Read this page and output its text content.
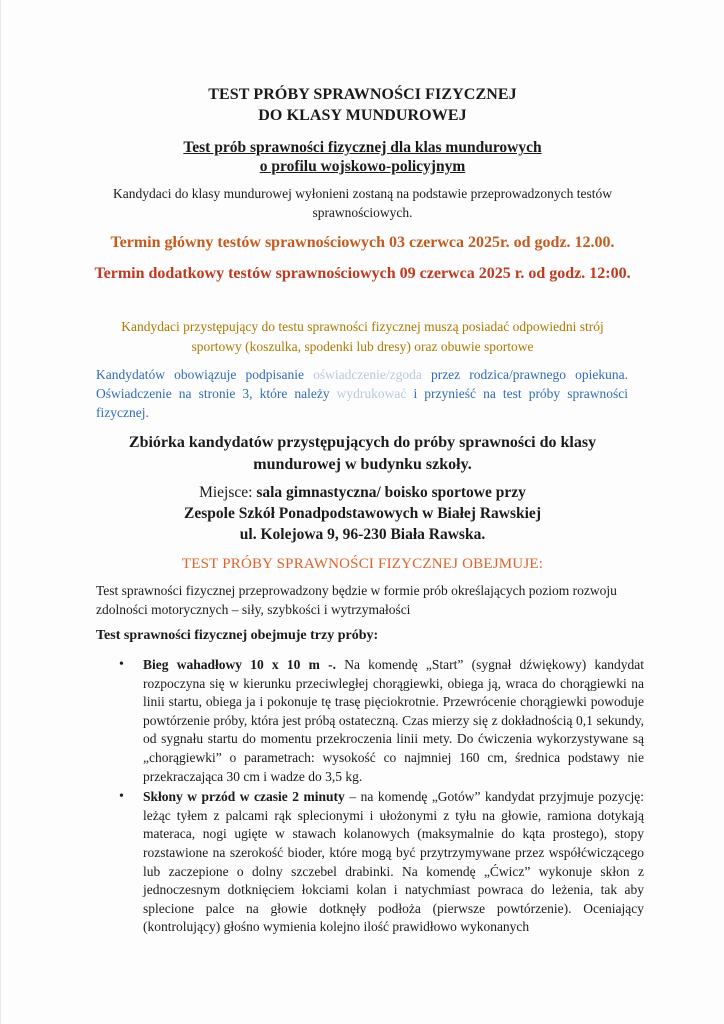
TEST PRÓBY SPRAWNOŚCI FIZYCZNEJ
DO KLASY MUNDUROWEJ
Test prób sprawności fizycznej dla klas mundurowych
o profilu wojskowo-policyjnym
Kandydaci do klasy mundurowej wyłonieni zostaną na podstawie przeprowadzonych testów sprawnościowych.
Termin główny testów sprawnościowych 03 czerwca 2025r. od godz. 12.00.
Termin dodatkowy testów sprawnościowych 09 czerwca 2025 r. od godz. 12:00.
Kandydaci przystępujący do testu sprawności fizycznej muszą posiadać odpowiedni strój sportowy (koszulka, spodenki lub dresy) oraz obuwie sportowe
Kandydatów obowiązuje podpisanie oświadczenie/zgoda przez rodzica/prawnego opiekuna. Oświadczenie na stronie 3, które należy wydrukować i przynieść na test próby sprawności fizycznej.
Zbiórka kandydatów przystępujących do próby sprawności do klasy mundurowej w budynku szkoły.
Miejsce: sala gimnastyczna/ boisko sportowe przy
Zespole Szkół Ponadpodstawowych w Białej Rawskiej
ul. Kolejowa 9, 96-230 Biała Rawska.
TEST PRÓBY SPRAWNOŚCI FIZYCZNEJ OBEJMUJE:
Test sprawności fizycznej przeprowadzony będzie w formie prób określających poziom rozwoju zdolności motorycznych – siły, szybkości i wytrzymałości
Test sprawności fizycznej obejmuje trzy próby:
• Bieg wahadłowy 10 x 10 m -. Na komendę „Start” (sygnał dźwiękowy) kandydat rozpoczyna się w kierunku przeciwległej chorągiewki, obiega ją, wraca do chorągiewki na linii startu, obiega ja i pokonuje tę trasę pięciokrotnie. Przewrócenie chorągiewki powoduje powtórzenie próby, która jest próbą ostateczną. Czas mierzy się z dokładnością 0,1 sekundy, od sygnału startu do momentu przekroczenia linii mety. Do ćwiczenia wykorzystywane są „chorągiewki” o parametrach: wysokość co najmniej 160 cm, średnica podstawy nie przekraczająca 30 cm i wadze do 3,5 kg.
• Skłony w przód w czasie 2 minuty – na komendę „Gotów” kandydat przyjmuje pozycję: leżąc tyłem z palcami rąk splecionymi i ułożonymi z tyłu na głowie, ramiona dotykają materaca, nogi ugięte w stawach kolanowych (maksymalnie do kąta prostego), stopy rozstawione na szerokość bioder, które mogą być przytrzymywane przez współćwiczącego lub zaczepione o dolny szczebel drabinki. Na komendę „Ćwicz” wykonuje skłon z jednoczesnym dotknięciem łokciami kolan i natychmiast powraca do leżenia, tak aby splecione palce na głowie dotknęły podłoża (pierwsze powtórzenie). Oceniający (kontrolujący) głośno wymienia kolejno ilość prawidłowo wykonanych
